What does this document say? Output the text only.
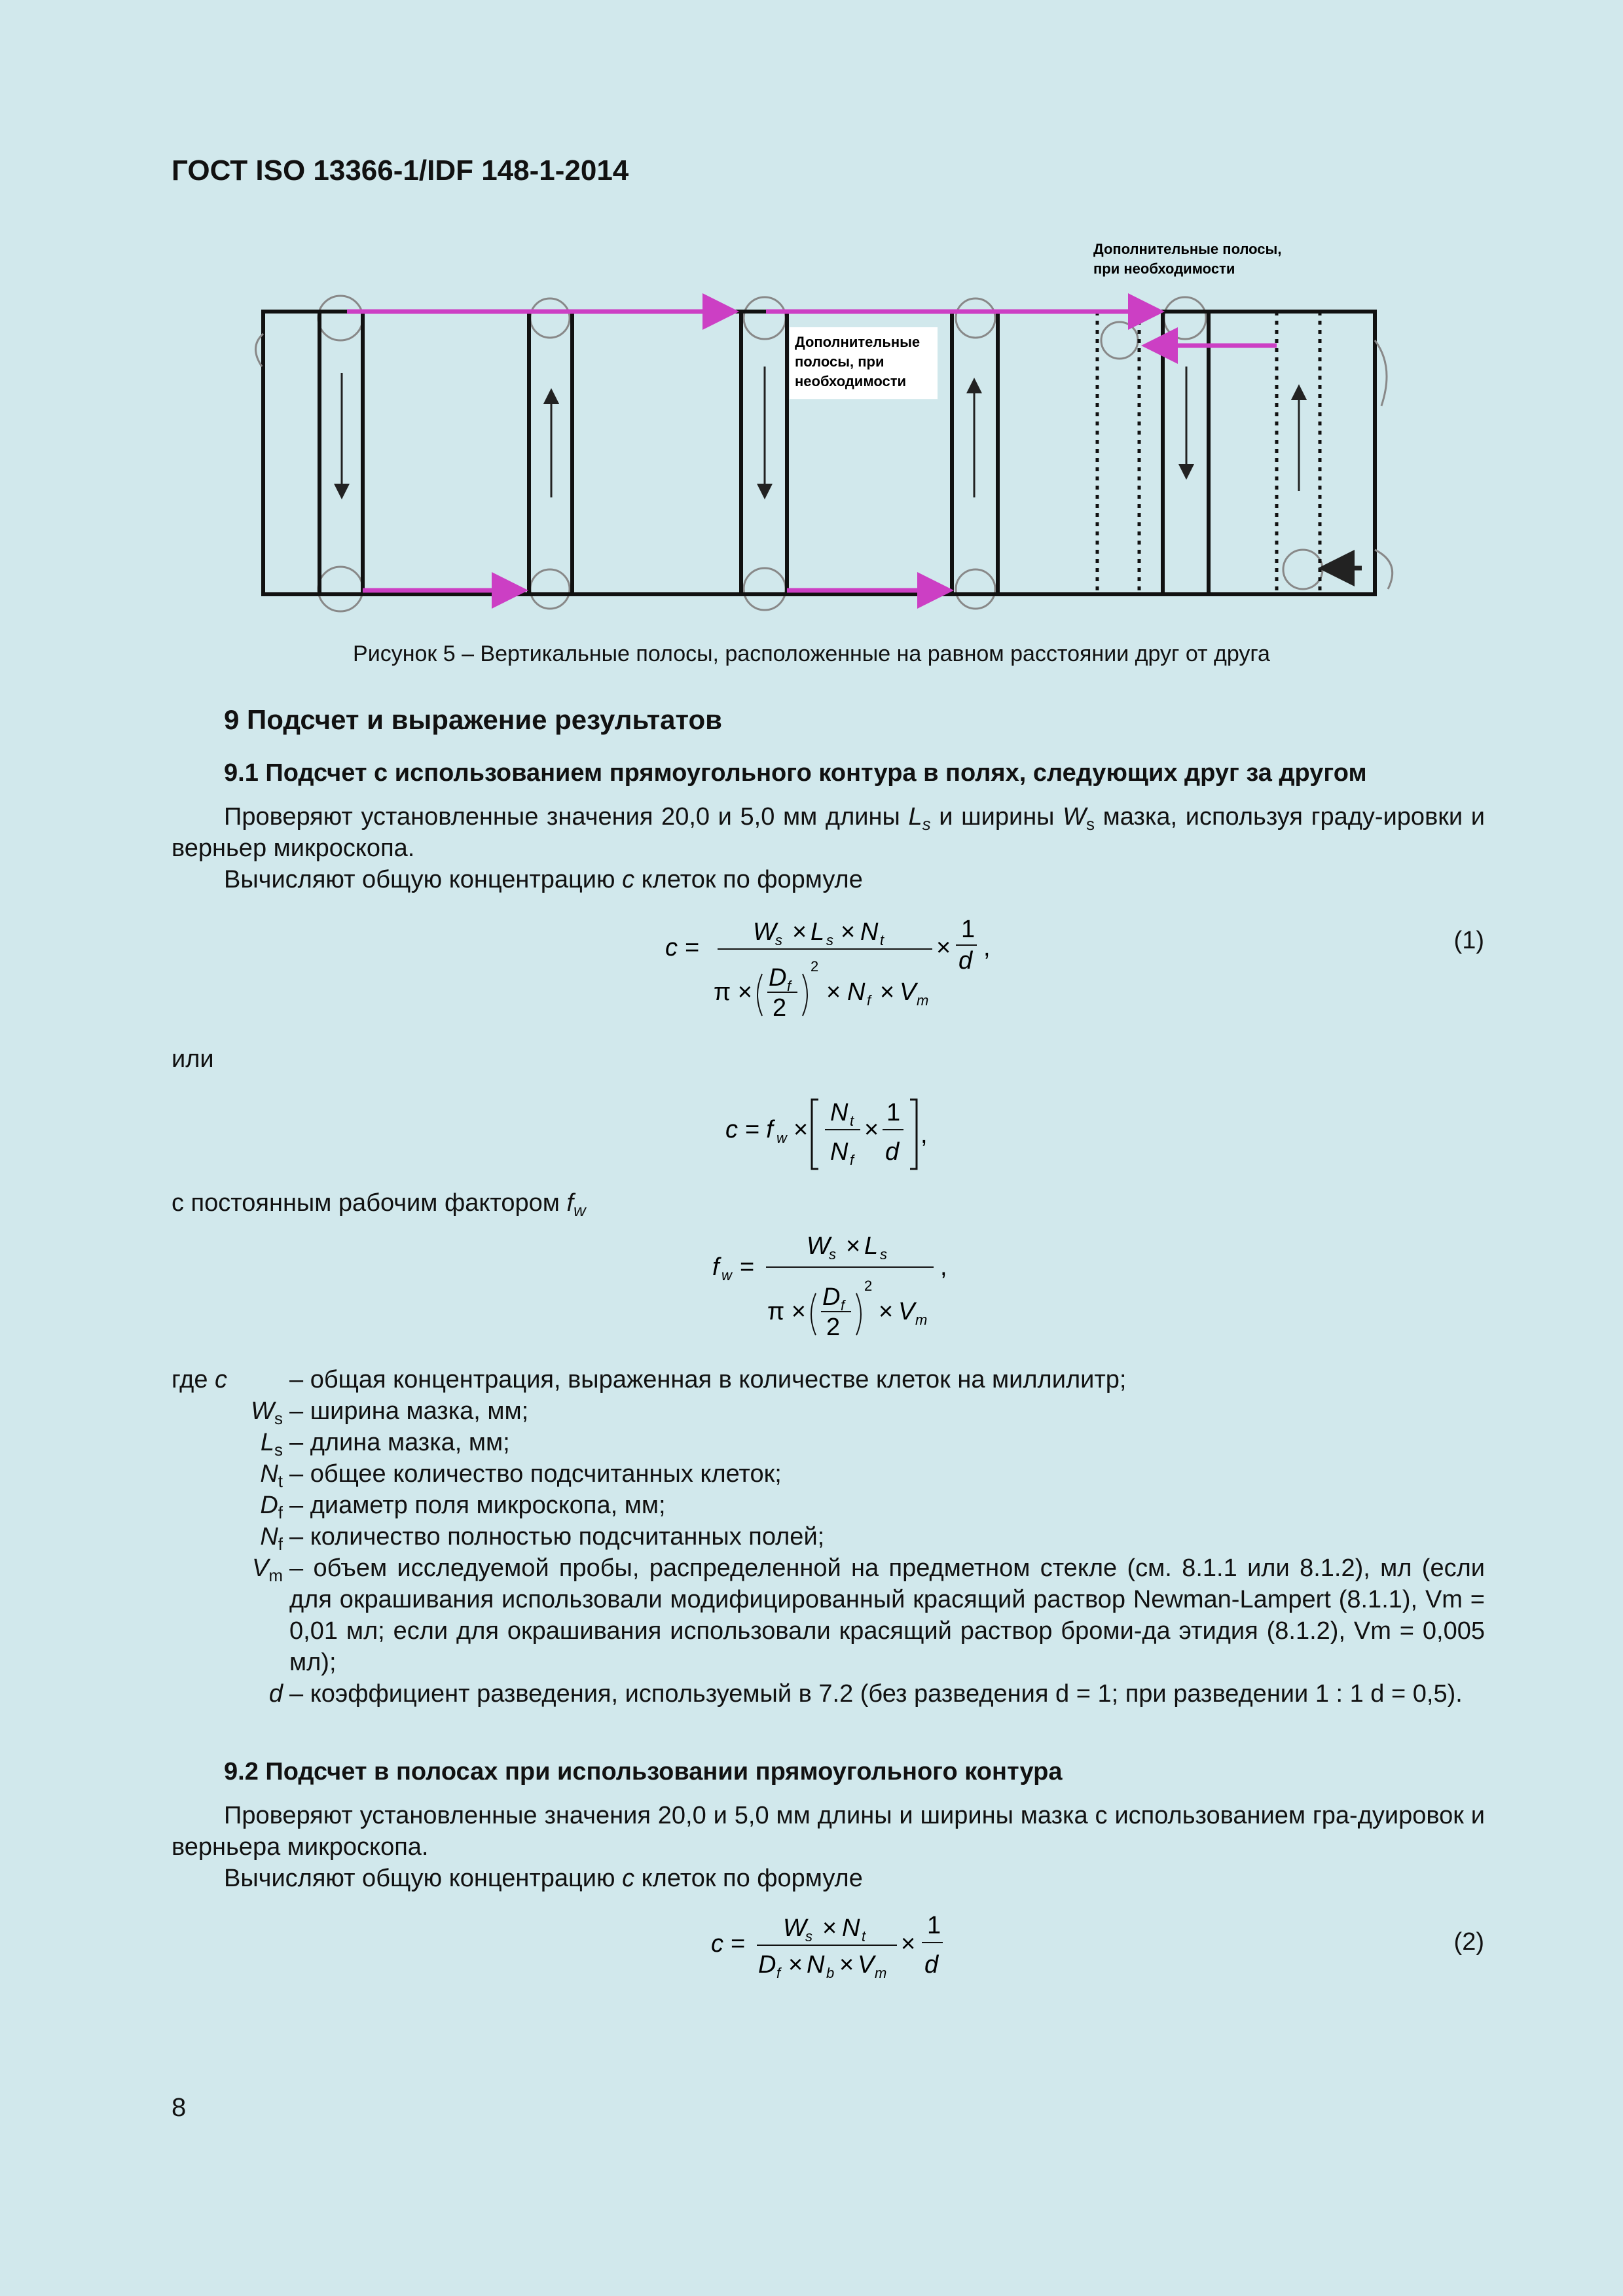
ГОСТ ISO 13366-1/IDF 148-1-2014
Дополнительные полосы,
при необходимости
Дополнительные
полосы, при
необходимости
Рисунок 5 – Вертикальные полосы, расположенные на равном расстоянии друг от друга
9 Подсчет и выражение результатов
9.1 Подсчет с использованием прямоугольного контура в полях, следующих друг за другом
Проверяют установленные значения 20,0 и 5,0 мм длины $L_s$ и ширины $W_s$ мазка, используя граду-ировки и верньер микроскопа.
Вычисляют общую концентрацию c клеток по формуле
c =
W
s × L s × N t ×
1
d ,
π ×
D f
2
2
× N f × V m
(1)
или
c = f w ×
N t
N f
×
1
d
,
с постоянным рабочим фактором $f_w$
f w =
W
s × L s ,
π ×
D f
2
2
× V m
где c	– общая концентрация, выраженная в количестве клеток на миллилитр;
$W_s$ – ширина мазка, мм;
$L_s$ – длина мазка, мм;
$N_t$ – общее количество подсчитанных клеток;
$D_f$ – диаметр поля микроскопа, мм;
$N_f$ – количество полностью подсчитанных полей;
$V_m$ – объем исследуемой пробы, распределенной на предметном стекле (см. 8.1.1 или 8.1.2), мл (если для окрашивания использовали модифицированный красящий раствор Newman-Lampert (8.1.1), Vm = 0,01 мл; если для окрашивания использовали красящий раствор броми-да этидия (8.1.2), Vm = 0,005 мл);
d – коэффициент разведения, используемый в 7.2 (без разведения d = 1; при разведении 1 : 1 d = 0,5).
9.2 Подсчет в полосах при использовании прямоугольного контура
Проверяют установленные значения 20,0 и 5,0 мм длины и ширины мазка с использованием гра-дуировок и верньера микроскопа.
Вычисляют общую концентрацию c клеток по формуле
c =
W
s × N t
D f × N b × V m
×
1
d
(2)
8
